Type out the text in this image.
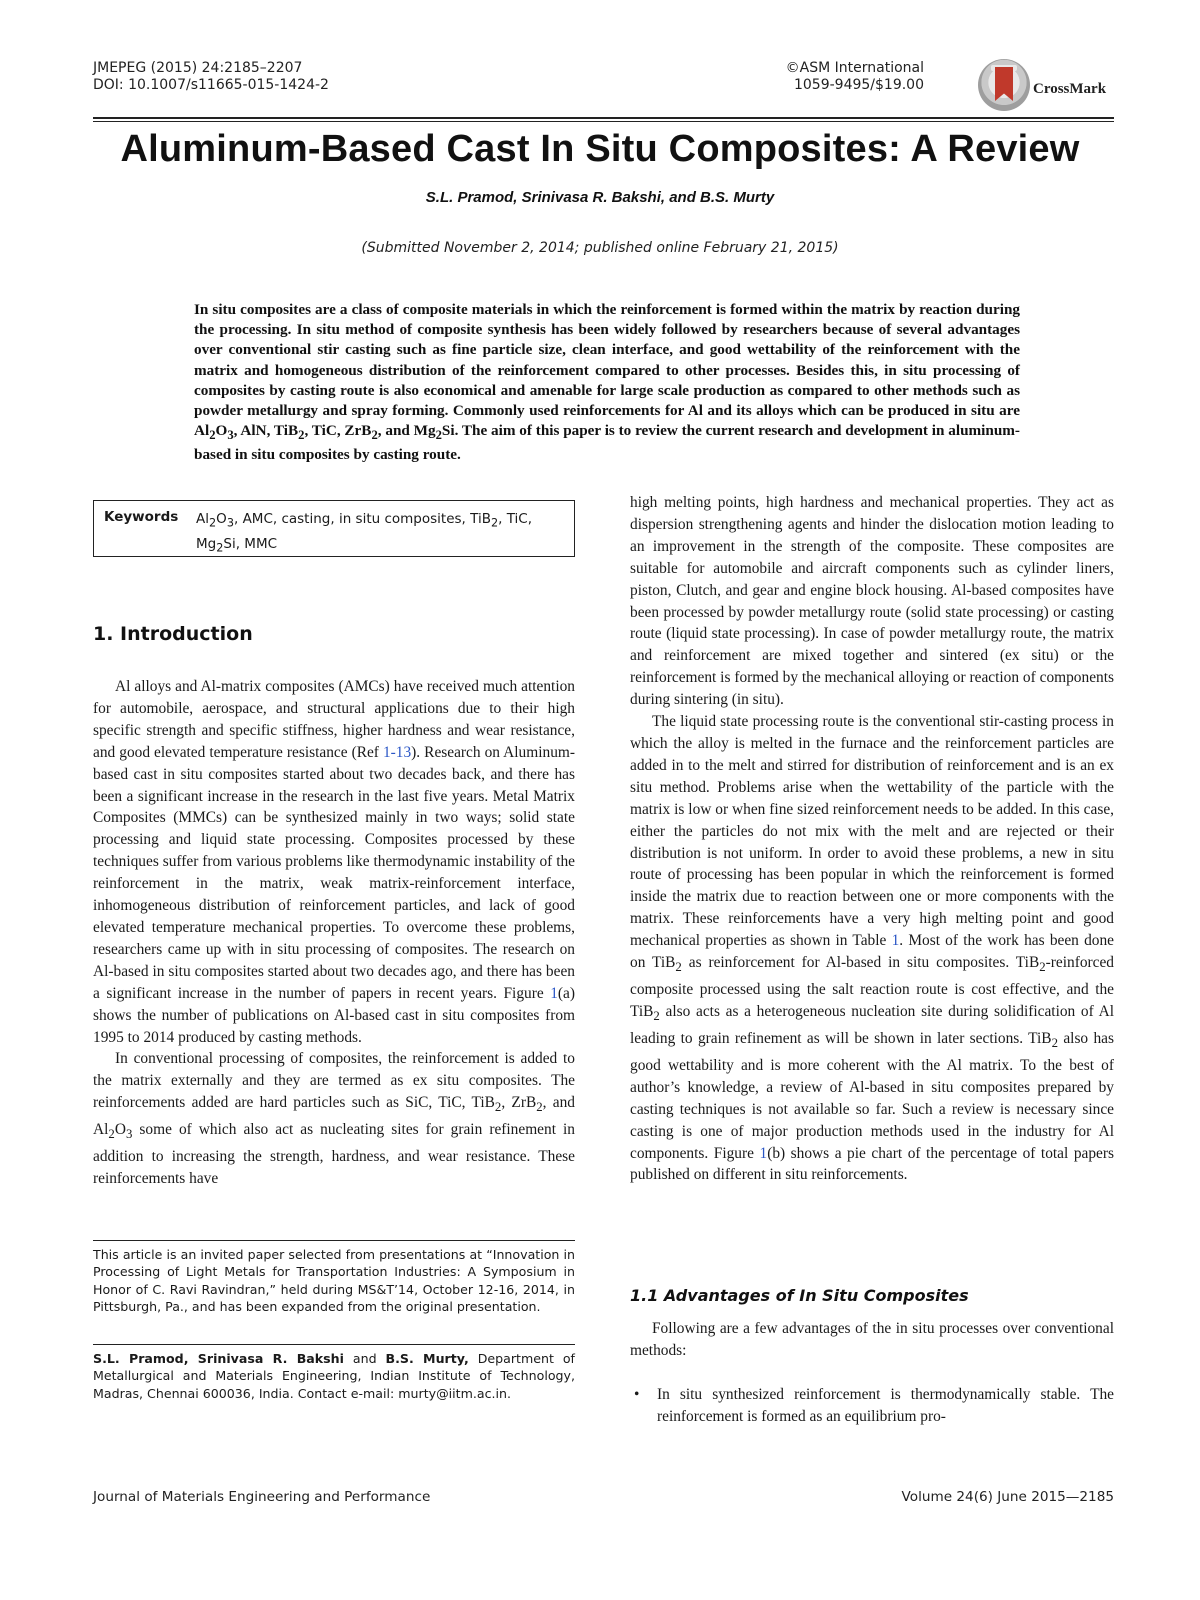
JMEPEG (2015) 24:2185–2207
DOI: 10.1007/s11665-015-1424-2
©ASM International
1059-9495/$19.00	CrossMark
Aluminum-Based Cast In Situ Composites: A Review
S.L. Pramod, Srinivasa R. Bakshi, and B.S. Murty
(Submitted November 2, 2014; published online February 21, 2015)
In situ composites are a class of composite materials in which the reinforcement is formed within the matrix by reaction during the processing. In situ method of composite synthesis has been widely followed by researchers because of several advantages over conventional stir casting such as fine particle size, clean interface, and good wettability of the reinforcement with the matrix and homogeneous distribution of the reinforcement compared to other processes. Besides this, in situ processing of composites by casting route is also economical and amenable for large scale production as compared to other methods such as powder metallurgy and spray forming. Commonly used reinforcements for Al and its alloys which can be produced in situ are $Al_2O_3$, AlN, TiB$_2$, TiC, ZrB$_2$, and $Mg_2Si$. The aim of this paper is to review the current research and development in aluminum-based in situ composites by casting route.
Keywords $Al_2O_3$, AMC, casting, in situ composites, TiB$_2$, TiC,
$Mg_2Si$, MMC
1. Introduction

Al alloys and Al-matrix composites (AMCs) have received much attention for automobile, aerospace, and structural applications due to their high specific strength and specific stiffness, higher hardness and wear resistance, and good elevated temperature resistance (Ref 1-13). Research on Aluminum-based cast in situ composites started about two decades back, and there has been a significant increase in the research in the last five years. Metal Matrix Composites (MMCs) can be synthesized mainly in two ways; solid state processing and liquid state processing. Composites processed by these techniques suffer from various problems like thermodynamic instability of the reinforcement in the matrix, weak matrix-reinforcement interface, inhomogeneous distribution of reinforcement particles, and lack of good elevated temperature mechanical properties. To overcome these problems, researchers came up with in situ processing of composites. The research on Al-based in situ composites started about two decades ago, and there has been a significant increase in the number of papers in recent years. Figure 1(a) shows the number of publications on Al-based cast in situ composites from 1995 to 2014 produced by casting methods.

In conventional processing of composites, the reinforcement is added to the matrix externally and they are termed as ex situ composites. The reinforcements added are hard particles such as SiC, TiC, TiB$_2$, ZrB$_2$, and $Al_2O_3$ some of which also act as nucleating sites for grain refinement in addition to increasing the strength, hardness, and wear resistance. These reinforcements have

This article is an invited paper selected from presentations at “Innovation in Processing of Light Metals for Transportation Industries: A Symposium in Honor of C. Ravi Ravindran,” held during MS&T’14, October 12-16, 2014, in Pittsburgh, Pa., and has been expanded from the original presentation.
S.L. Pramod, Srinivasa R. Bakshi and B.S. Murty, Department of Metallurgical and Materials Engineering, Indian Institute of Technology, Madras, Chennai 600036, India. Contact e-mail: murty@iitm.ac.in.

high melting points, high hardness and mechanical properties. They act as dispersion strengthening agents and hinder the dislocation motion leading to an improvement in the strength of the composite. These composites are suitable for automobile and aircraft components such as cylinder liners, piston, Clutch, and gear and engine block housing. Al-based composites have been processed by powder metallurgy route (solid state processing) or casting route (liquid state processing). In case of powder metallurgy route, the matrix and reinforcement are mixed together and sintered (ex situ) or the reinforcement is formed by the mechanical alloying or reaction of components during sintering (in situ).

The liquid state processing route is the conventional stir-casting process in which the alloy is melted in the furnace and the reinforcement particles are added in to the melt and stirred for distribution of reinforcement and is an ex situ method. Problems arise when the wettability of the particle with the matrix is low or when fine sized reinforcement needs to be added. In this case, either the particles do not mix with the melt and are rejected or their distribution is not uniform. In order to avoid these problems, a new in situ route of processing has been popular in which the reinforcement is formed inside the matrix due to reaction between one or more components with the matrix. These reinforcements have a very high melting point and good mechanical properties as shown in Table 1. Most of the work has been done on TiB$_2$ as reinforcement for Al-based in situ composites. TiB$_2$-reinforced composite processed using the salt reaction route is cost effective, and the TiB$_2$ also acts as a heterogeneous nucleation site during solidification of Al leading to grain refinement as will be shown in later sections. TiB$_2$ also has good wettability and is more coherent with the Al matrix. To the best of author’s knowledge, a review of Al-based in situ composites prepared by casting techniques is not available so far. Such a review is necessary since casting is one of major production methods used in the industry for Al components. Figure 1(b) shows a pie chart of the percentage of total papers published on different in situ reinforcements.

1.1 Advantages of In Situ Composites

Following are a few advantages of the in situ processes over conventional methods:

• In situ synthesized reinforcement is thermodynamically stable. The reinforcement is formed as an equilibrium pro-
Journal of Materials Engineering and Performance	Volume 24(6) June 2015—2185
